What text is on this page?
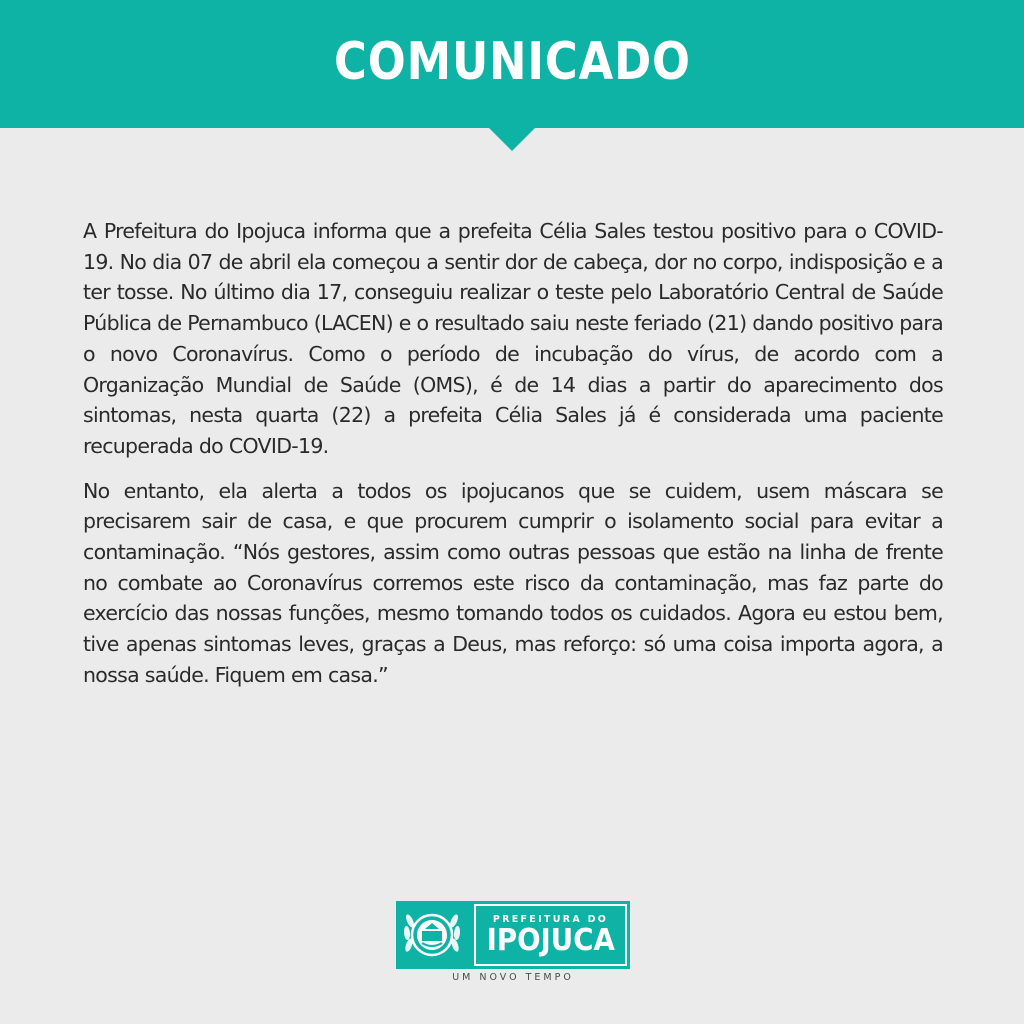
COMUNICADO

A Prefeitura do Ipojuca informa que a prefeita Célia Sales testou positivo para o COVID-19. No dia 07 de abril ela começou a sentir dor de cabeça, dor no corpo, indisposição e a ter tosse. No último dia 17, conseguiu realizar o teste pelo Laboratório Central de Saúde Pública de Pernambuco (LACEN) e o resultado saiu neste feriado (21) dando positivo para o novo Coronavírus. Como o período de incubação do vírus, de acordo com a Organização Mundial de Saúde (OMS), é de 14 dias a partir do aparecimento dos sintomas, nesta quarta (22) a prefeita Célia Sales já é considerada uma paciente recuperada do COVID-19.

No entanto, ela alerta a todos os ipojucanos que se cuidem, usem máscara se precisarem sair de casa, e que procurem cumprir o isolamento social para evitar a contaminação. “Nós gestores, assim como outras pessoas que estão na linha de frente no combate ao Coronavírus corremos este risco da contaminação, mas faz parte do exercício das nossas funções, mesmo tomando todos os cuidados. Agora eu estou bem, tive apenas sintomas leves, graças a Deus, mas reforço: só uma coisa importa agora, a nossa saúde. Fiquem em casa.”

PREFEITURA DO
IPOJUCA
UM NOVO TEMPO
